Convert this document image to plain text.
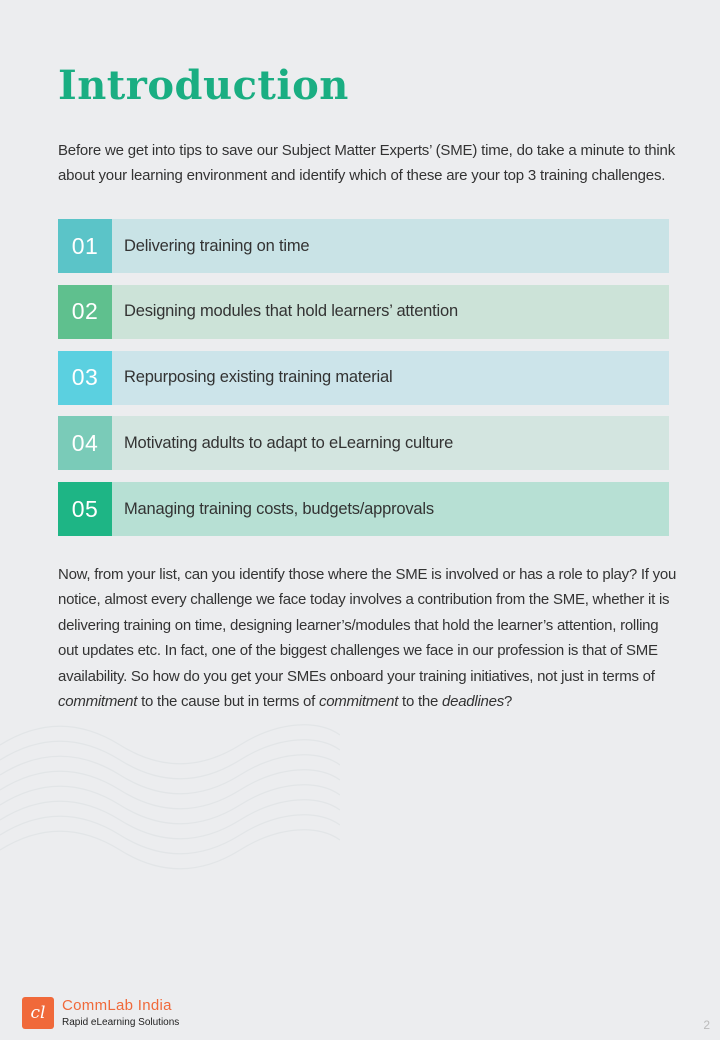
Introduction

Before we get into tips to save our Subject Matter Experts’ (SME) time, do take a minute to think about your learning environment and identify which of these are your top 3 training challenges.

01	Delivering training on time
02	Designing modules that hold learners’ attention
03	Repurposing existing training material
04	Motivating adults to adapt to eLearning culture
05	Managing training costs, budgets/approvals

Now, from your list, can you identify those where the SME is involved or has a role to play? If you notice, almost every challenge we face today involves a contribution from the SME, whether it is delivering training on time, designing learner’s/modules that hold the learner’s attention, rolling out updates etc. In fact, one of the biggest challenges we face in our profession is that of SME availability. So how do you get your SMEs onboard your training initiatives, not just in terms of commitment to the cause but in terms of commitment to the deadlines?

cl	CommLab India
Rapid eLearning Solutions	2
